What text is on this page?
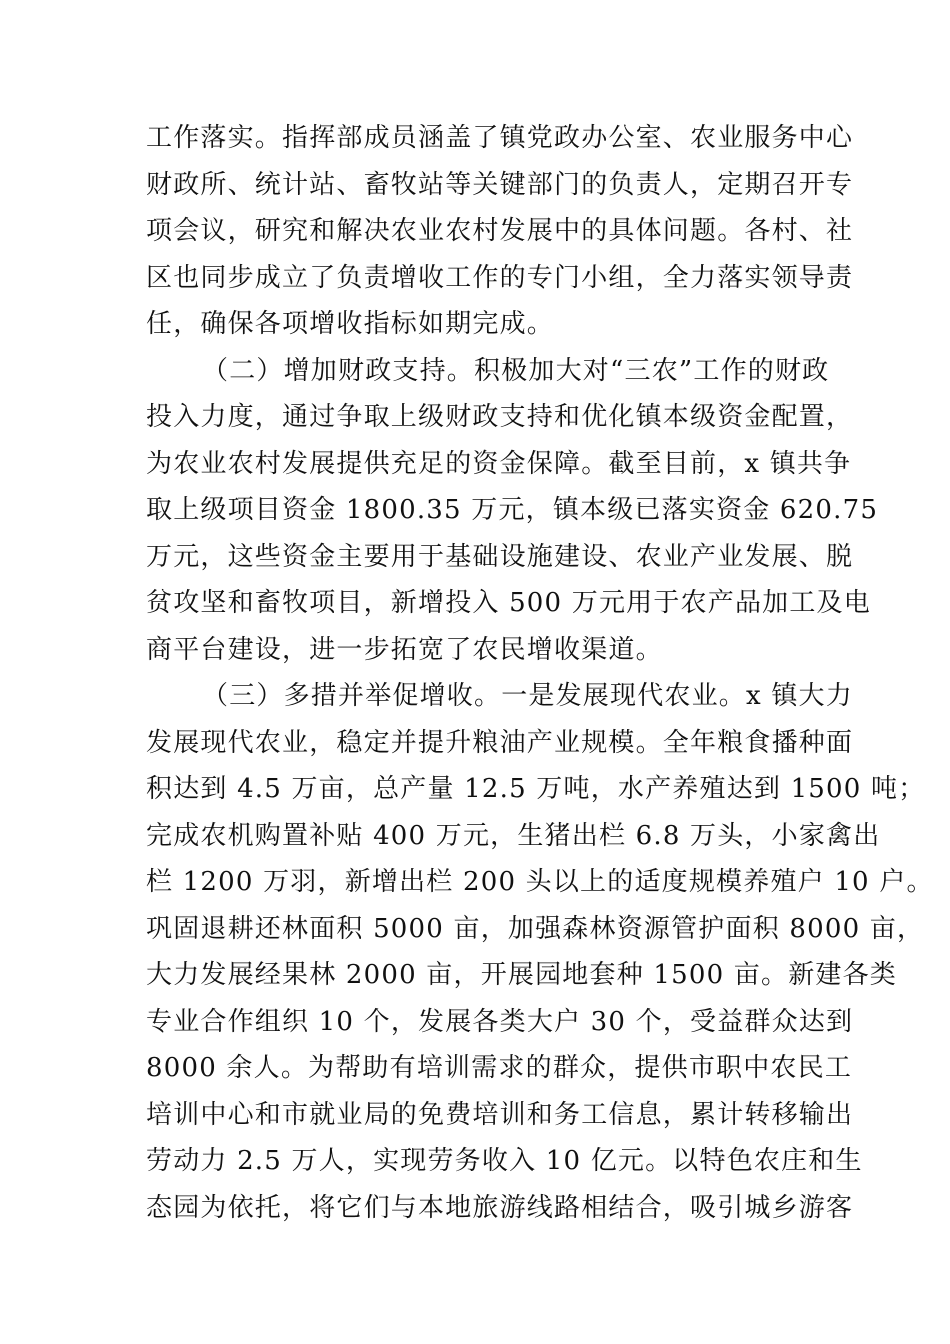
工作落实。指挥部成员涵盖了镇党政办公室、农业服务中心
财政所、统计站、畜牧站等关键部门的负责人，定期召开专
项会议，研究和解决农业农村发展中的具体问题。各村、社
区也同步成立了负责增收工作的专门小组，全力落实领导责
任，确保各项增收指标如期完成。
（二）增加财政支持。积极加大对“三农”工作的财政
投入力度，通过争取上级财政支持和优化镇本级资金配置，
为农业农村发展提供充足的资金保障。截至目前，x 镇共争
取上级项目资金 1800.35 万元，镇本级已落实资金 620.75
万元，这些资金主要用于基础设施建设、农业产业发展、脱
贫攻坚和畜牧项目，新增投入 500 万元用于农产品加工及电
商平台建设，进一步拓宽了农民增收渠道。
（三）多措并举促增收。一是发展现代农业。x 镇大力
发展现代农业，稳定并提升粮油产业规模。全年粮食播种面
积达到 4.5 万亩，总产量 12.5 万吨，水产养殖达到 1500 吨；
完成农机购置补贴 400 万元，生猪出栏 6.8 万头，小家禽出
栏 1200 万羽，新增出栏 200 头以上的适度规模养殖户 10 户。
巩固退耕还林面积 5000 亩，加强森林资源管护面积 8000 亩，
大力发展经果林 2000 亩，开展园地套种 1500 亩。新建各类
专业合作组织 10 个，发展各类大户 30 个，受益群众达到
8000 余人。为帮助有培训需求的群众，提供市职中农民工
培训中心和市就业局的免费培训和务工信息，累计转移输出
劳动力 2.5 万人，实现劳务收入 10 亿元。以特色农庄和生
态园为依托，将它们与本地旅游线路相结合，吸引城乡游客
